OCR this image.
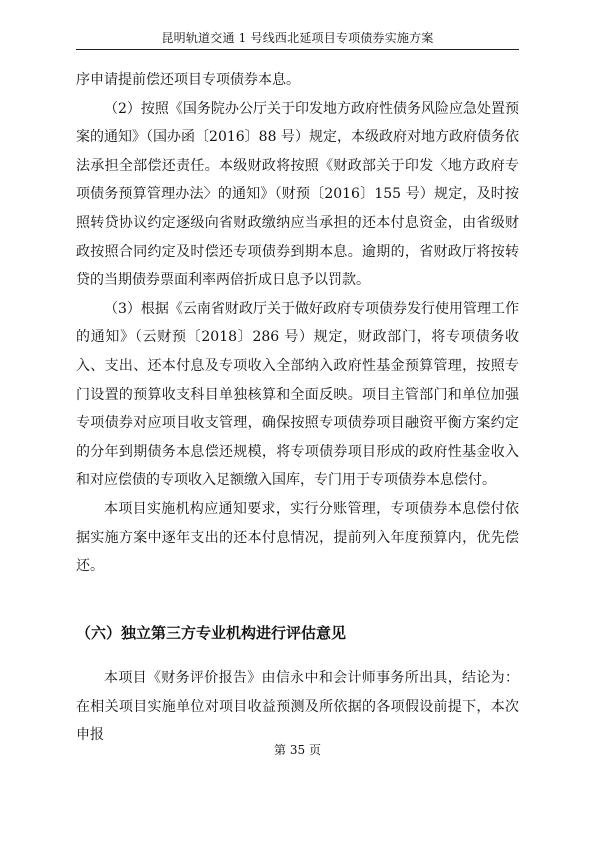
昆明轨道交通 1 号线西北延项目专项债券实施方案

序申请提前偿还项目专项债券本息。

（2）按照《国务院办公厅关于印发地方政府性债务风险应急处置预案的通知》（国办函〔2016〕88 号）规定，本级政府对地方政府债务依法承担全部偿还责任。本级财政将按照《财政部关于印发〈地方政府专项债务预算管理办法〉的通知》（财预〔2016〕155 号）规定，及时按照转贷协议约定逐级向省财政缴纳应当承担的还本付息资金，由省级财政按照合同约定及时偿还专项债券到期本息。逾期的，省财政厅将按转贷的当期债券票面利率两倍折成日息予以罚款。

（3）根据《云南省财政厅关于做好政府专项债券发行使用管理工作的通知》（云财预〔2018〕286 号）规定，财政部门，将专项债务收入、支出、还本付息及专项收入全部纳入政府性基金预算管理，按照专门设置的预算收支科目单独核算和全面反映。项目主管部门和单位加强专项债券对应项目收支管理，确保按照专项债券项目融资平衡方案约定的分年到期债务本息偿还规模，将专项债券项目形成的政府性基金收入和对应偿债的专项收入足额缴入国库，专门用于专项债券本息偿付。

本项目实施机构应通知要求，实行分账管理，专项债券本息偿付依据实施方案中逐年支出的还本付息情况，提前列入年度预算内，优先偿还。

（六）独立第三方专业机构进行评估意见

本项目《财务评价报告》由信永中和会计师事务所出具，结论为：在相关项目实施单位对项目收益预测及所依据的各项假设前提下，本次申报

第 35 页
